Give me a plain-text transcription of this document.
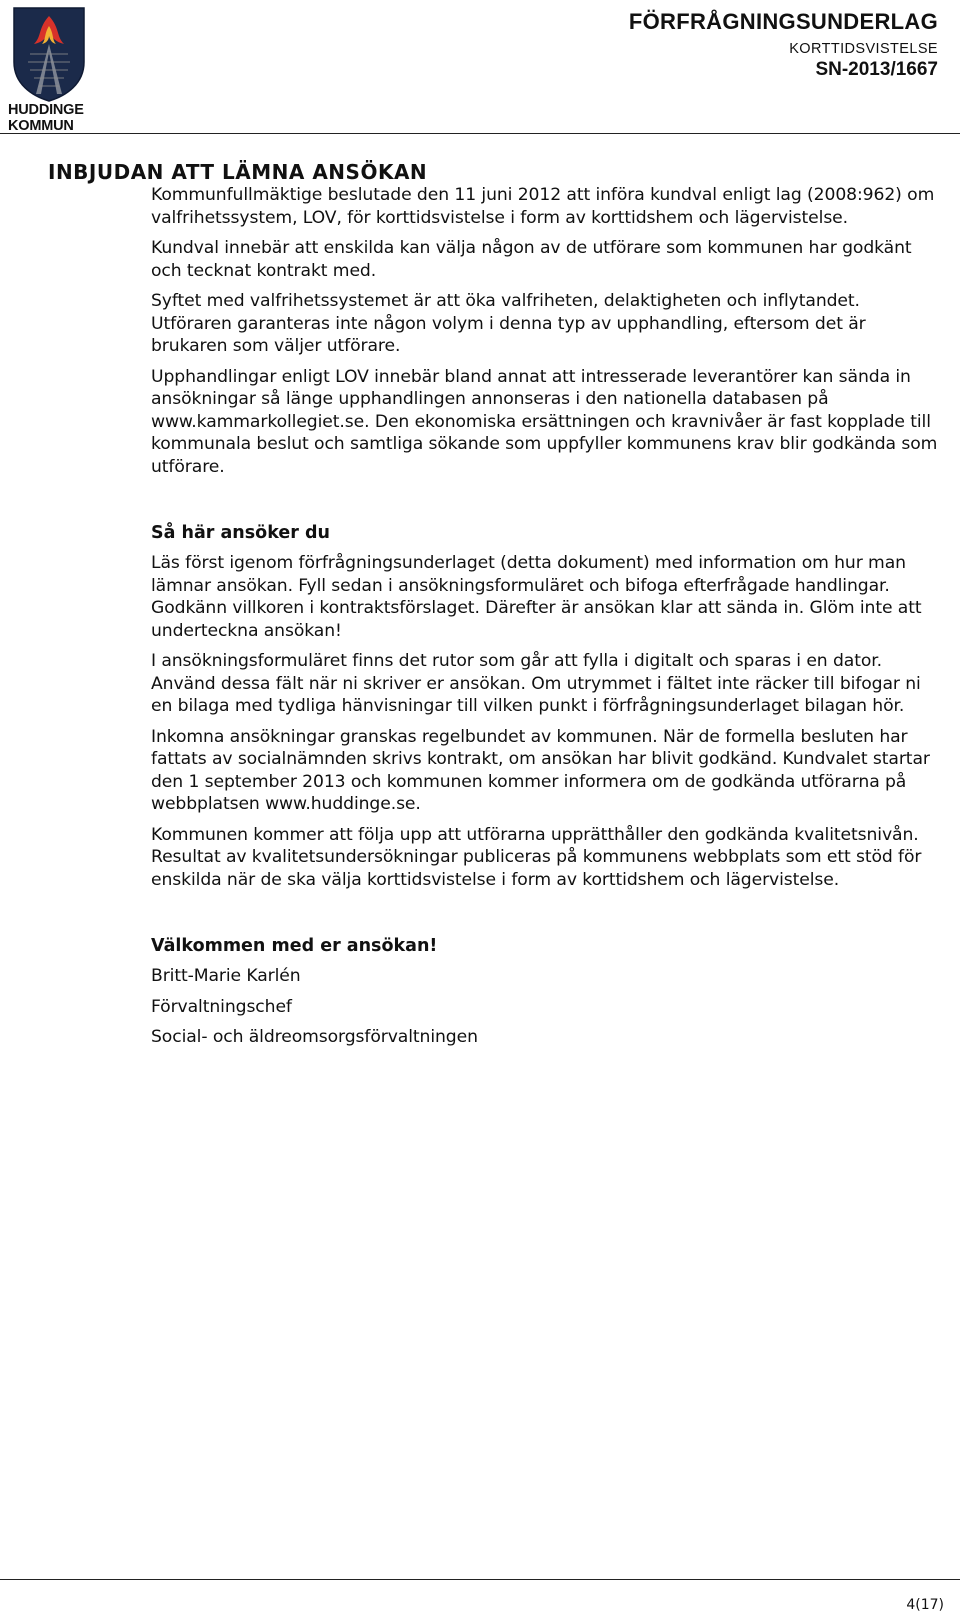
HUDDINGE
KOMMUN
FÖRFRÅGNINGSUNDERLAG
KORTTIDSVISTELSE
SN-2013/1667
INBJUDAN ATT LÄMNA ANSÖKAN

Kommunfullmäktige beslutade den 11 juni 2012 att införa kundval enligt lag (2008:962) om valfrihetssystem, LOV, för korttidsvistelse i form av korttidshem och lägervistelse.

Kundval innebär att enskilda kan välja någon av de utförare som kommunen har godkänt och tecknat kontrakt med.

Syftet med valfrihetssystemet är att öka valfriheten, delaktigheten och inflytandet.

Utföraren garanteras inte någon volym i denna typ av upphandling, eftersom det är brukaren som väljer utförare.

Upphandlingar enligt LOV innebär bland annat att intresserade leverantörer kan sända in ansökningar så länge upphandlingen annonseras i den nationella databasen på www.kammarkollegiet.se. Den ekonomiska ersättningen och kravnivåer är fast kopplade till kommunala beslut och samtliga sökande som uppfyller kommunens krav blir godkända som utförare.

Så här ansöker du

Läs först igenom förfrågningsunderlaget (detta dokument) med information om hur man lämnar ansökan. Fyll sedan i ansökningsformuläret och bifoga efterfrågade handlingar. Godkänn villkoren i kontraktsförslaget. Därefter är ansökan klar att sända in. Glöm inte att underteckna ansökan!

I ansökningsformuläret finns det rutor som går att fylla i digitalt och sparas i en dator. Använd dessa fält när ni skriver er ansökan. Om utrymmet i fältet inte räcker till bifogar ni en bilaga med tydliga hänvisningar till vilken punkt i förfrågningsunderlaget bilagan hör.

Inkomna ansökningar granskas regelbundet av kommunen. När de formella besluten har fattats av socialnämnden skrivs kontrakt, om ansökan har blivit godkänd. Kundvalet startar den 1 september 2013 och kommunen kommer informera om de godkända utförarna på webbplatsen www.huddinge.se.

Kommunen kommer att följa upp att utförarna upprätthåller den godkända kvalitetsnivån. Resultat av kvalitetsundersökningar publiceras på kommunens webbplats som ett stöd för enskilda när de ska välja korttidsvistelse i form av korttidshem och lägervistelse.

Välkommen med er ansökan!

Britt-Marie Karlén

Förvaltningschef

Social- och äldreomsorgsförvaltningen

4(17)
